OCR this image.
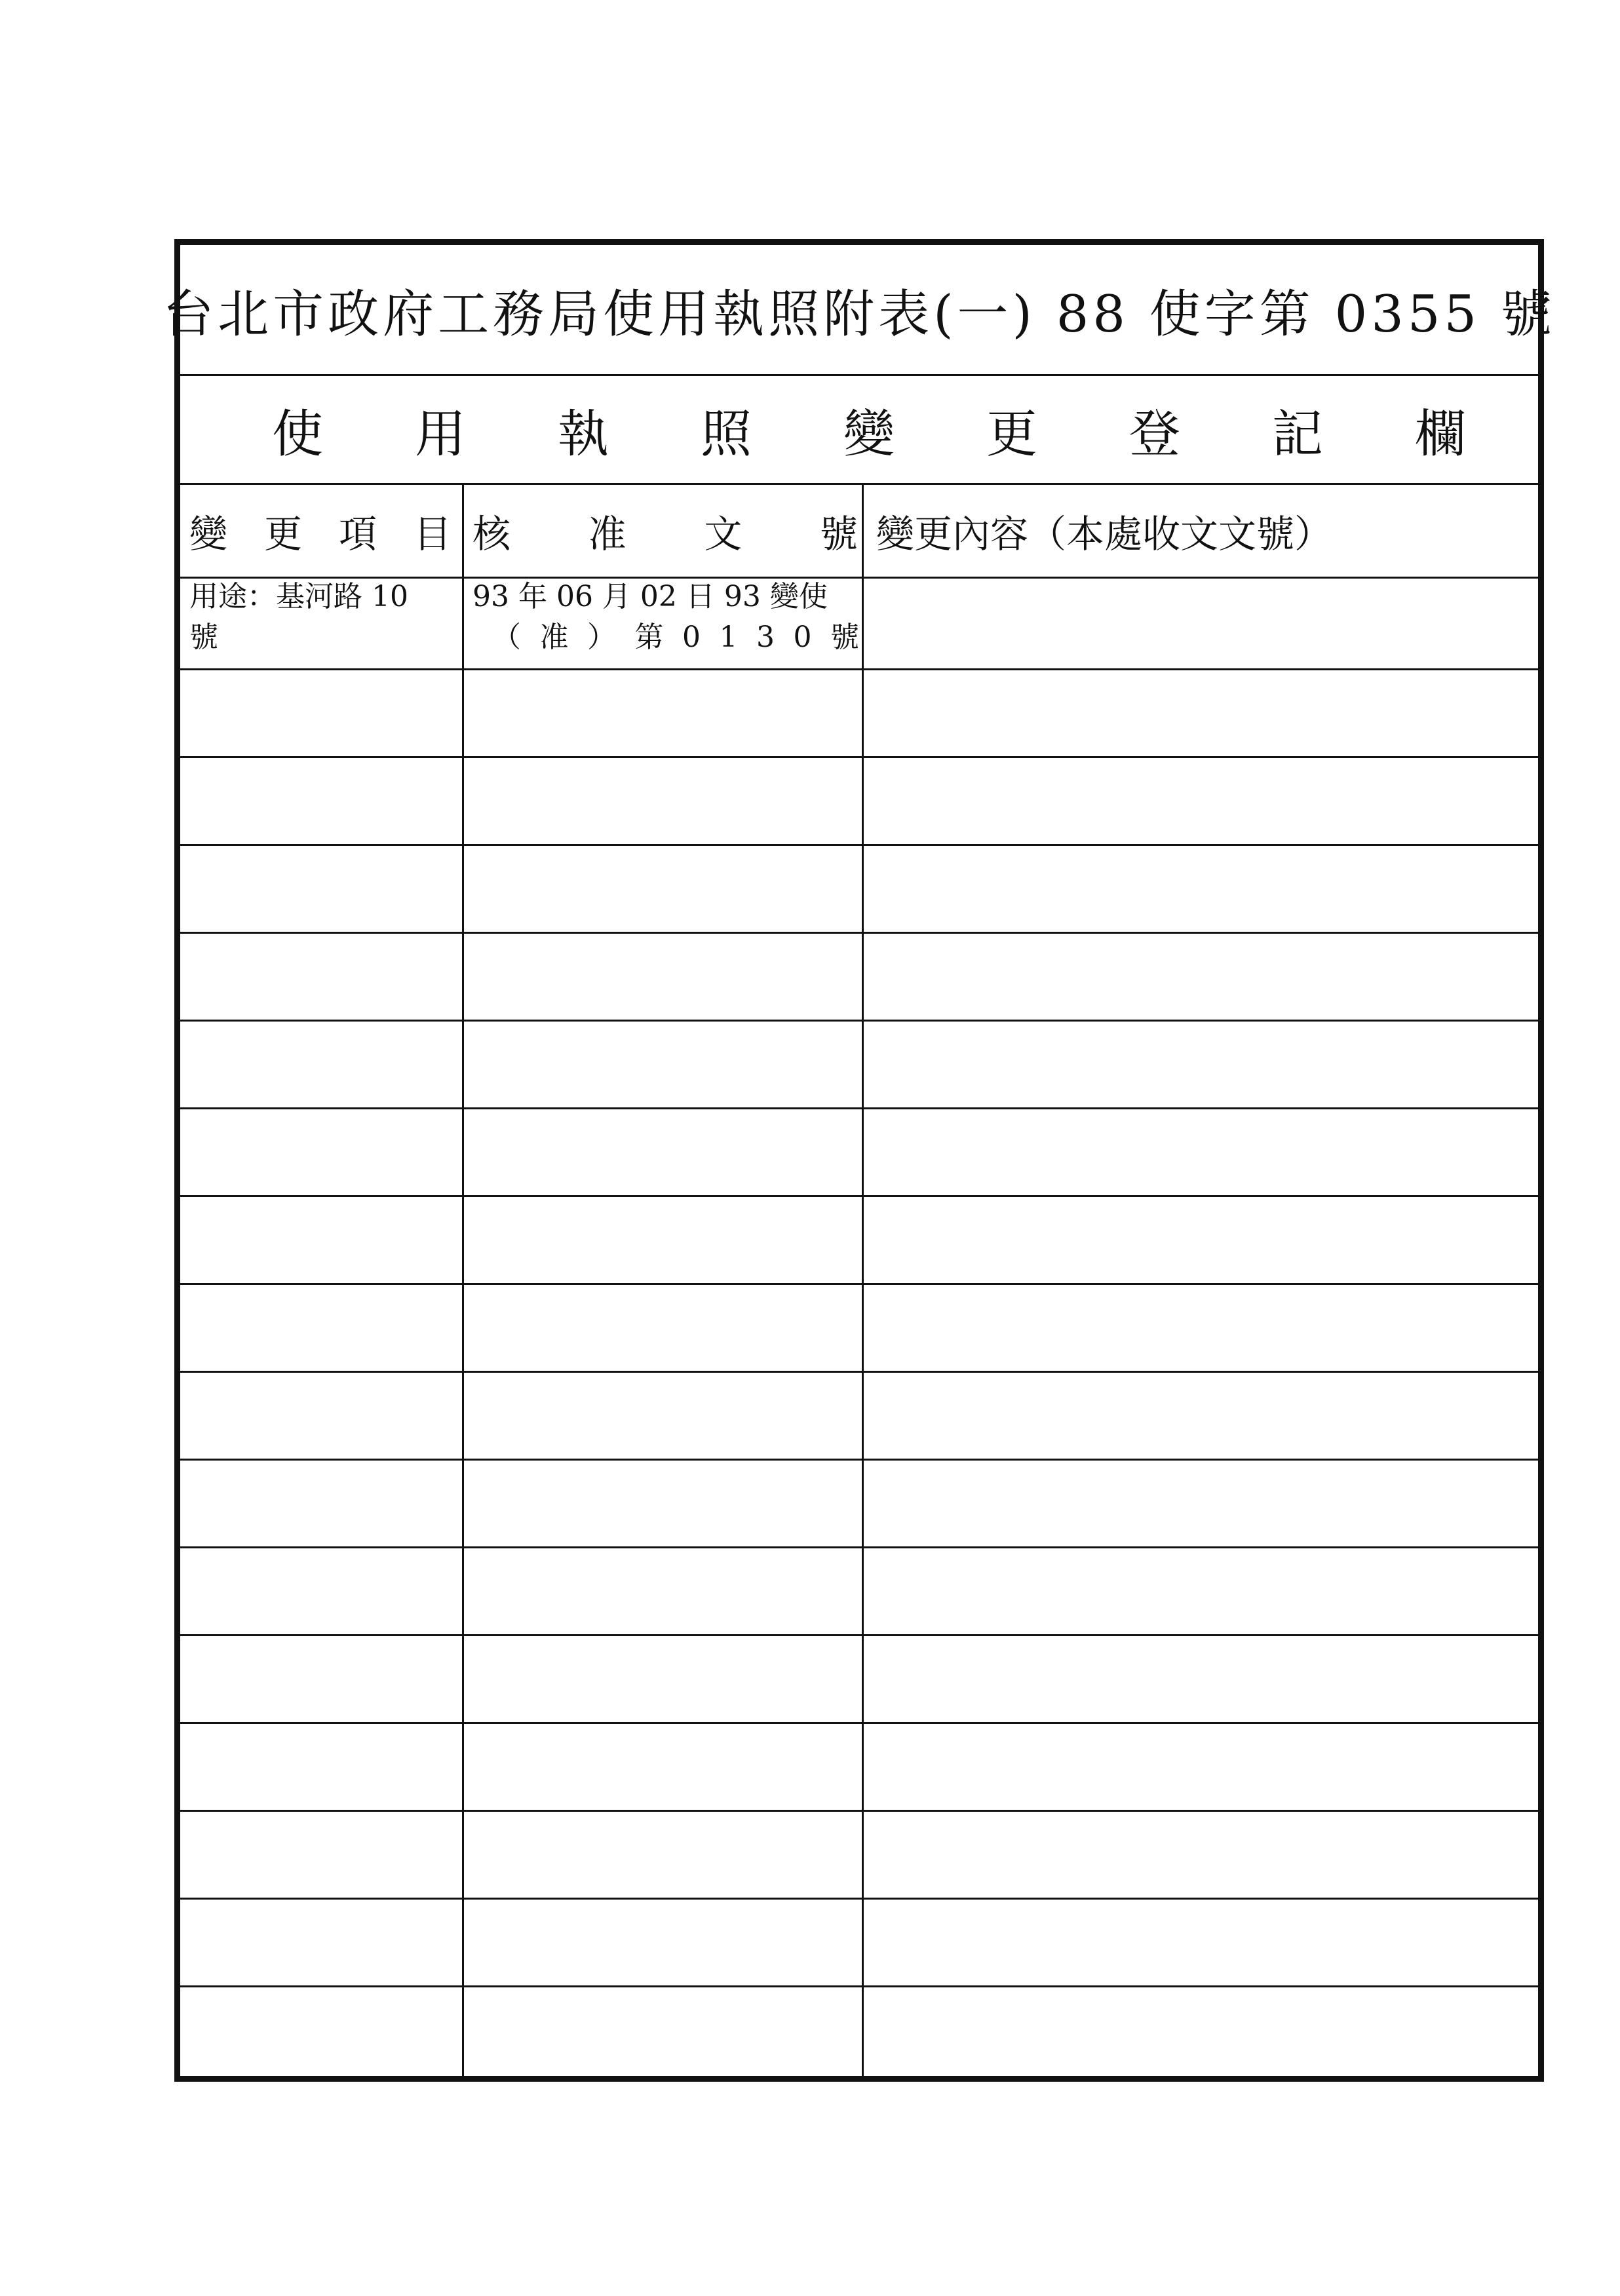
台北市政府工務局使用執照附表(一) 88 使字第 0355 號
使 用 執 照 變 更 登 記 欄
變 更 項 目 核 准 文 號 變更內容（本處收文文號）
用途：基河路 10
號
93 年 06 月 02 日 93 變使
（ 准 ） 第 0 1 3 0 號
